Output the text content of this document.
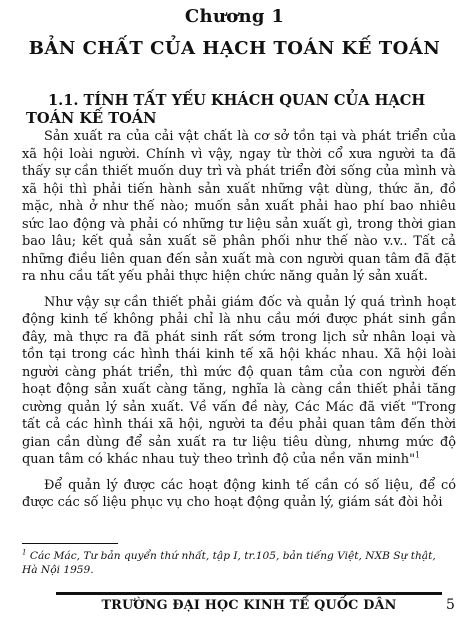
Chương 1
BẢN CHẤT CỦA HẠCH TOÁN KẾ TOÁN
1.1. TÍNH TẤT YẾU KHÁCH QUAN CỦA HẠCH TOÁN KẾ TOÁN

Sản xuất ra của cải vật chất là cơ sở tồn tại và phát triển của xã hội loài người. Chính vì vậy, ngay từ thời cổ xưa người ta đã thấy sự cần thiết muốn duy trì và phát triển đời sống của mình và xã hội thì phải tiến hành sản xuất những vật dùng, thức ăn, đồ mặc, nhà ở như thế nào; muốn sản xuất phải hao phí bao nhiêu sức lao động và phải có những tư liệu sản xuất gì, trong thời gian bao lâu; kết quả sản xuất sẽ phân phối như thế nào v.v.. Tất cả những điều liên quan đến sản xuất mà con người quan tâm đã đặt ra nhu cầu tất yếu phải thực hiện chức năng quản lý sản xuất.

Như vậy sự cần thiết phải giám đốc và quản lý quá trình hoạt động kinh tế không phải chỉ là nhu cầu mới được phát sinh gần đây, mà thực ra đã phát sinh rất sớm trong lịch sử nhân loại và tồn tại trong các hình thái kinh tế xã hội khác nhau. Xã hội loài người càng phát triển, thì mức độ quan tâm của con người đến hoạt động sản xuất càng tăng, nghĩa là càng cần thiết phải tăng cường quản lý sản xuất. Về vấn đề này, Các Mác đã viết "Trong tất cả các hình thái xã hội, người ta đều phải quan tâm đến thời gian cần dùng để sản xuất ra tư liệu tiêu dùng, nhưng mức độ quan tâm có khác nhau tuỳ theo trình độ của nền văn minh"$^1$

Để quản lý được các hoạt động kinh tế cần có số liệu, để có được các số liệu phục vụ cho hoạt động quản lý, giám sát đòi hỏi

$^1$ Các Mác, Tư bản quyển thứ nhất, tập I, tr.105, bản tiếng Việt, NXB Sự thật, Hà Nội 1959.
TRƯỜNG ĐẠI HỌC KINH TẾ QUỐC DÂN	5
